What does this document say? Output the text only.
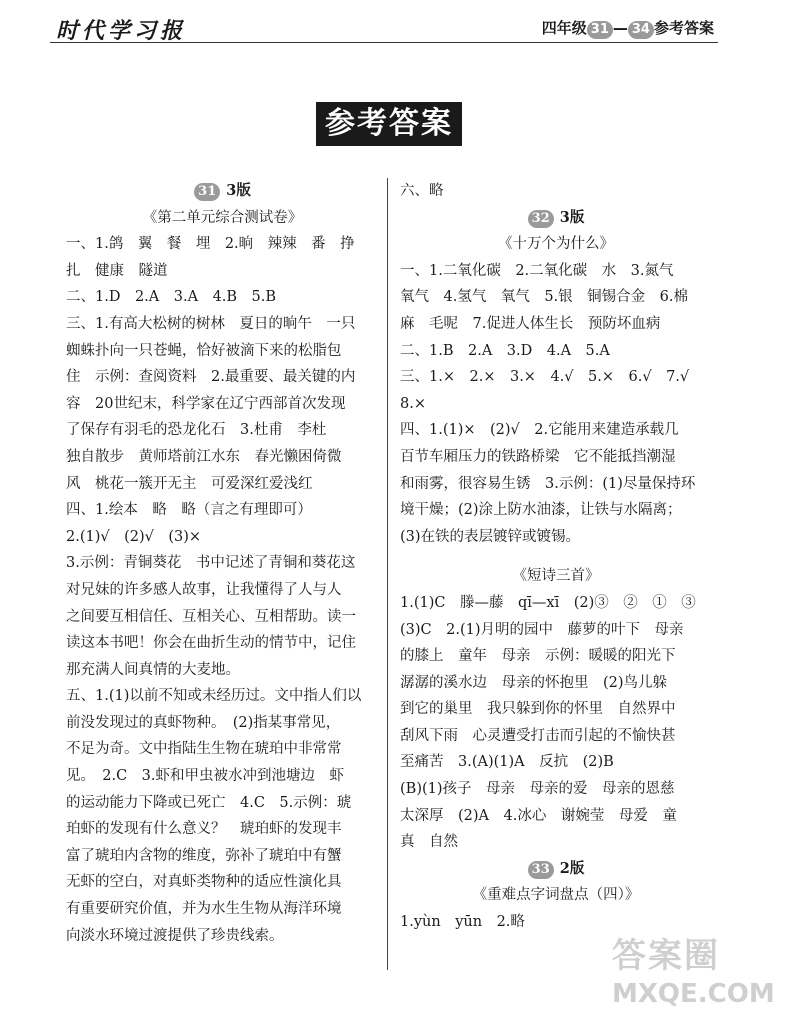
时代学习报	四年级 31 — 34 参考答案
参考答案
31 3版
《第二单元综合测试卷》
一、1.鸽　翼　餐　埋　2.晌　辣辣　番　挣
扎　健康　隧道
二、1.D　2.A　3.A　4.B　5.B
三、1.有高大松树的树林　夏日的晌午　一只
蜘蛛扑向一只苍蝇，恰好被滴下来的松脂包
住　示例：查阅资料　2.最重要、最关键的内
容　20世纪末，科学家在辽宁西部首次发现
了保存有羽毛的恐龙化石　3.杜甫　李杜
独自散步　黄师塔前江水东　春光懒困倚微
风　桃花一簇开无主　可爱深红爱浅红
四、1.绘本　略　略（言之有理即可）
2.(1)√　(2)√　(3)×
3.示例：青铜葵花　书中记述了青铜和葵花这
对兄妹的许多感人故事，让我懂得了人与人
之间要互相信任、互相关心、互相帮助。读一
读这本书吧！你会在曲折生动的情节中，记住
那充满人间真情的大麦地。
五、1.(1)以前不知或未经历过。文中指人们以
前没发现过的真虾物种。　(2)指某事常见，
不足为奇。文中指陆生生物在琥珀中非常常
见。　2.C　3.虾和甲虫被水冲到池塘边　虾
的运动能力下降或已死亡　4.C　5.示例：琥
珀虾的发现有什么意义？　琥珀虾的发现丰
富了琥珀内含物的维度，弥补了琥珀中有蟹
无虾的空白，对真虾类物种的适应性演化具
有重要研究价值，并为水生生物从海洋环境
向淡水环境过渡提供了珍贵线索。
六、略
32 3版
《十万个为什么》
一、1.二氧化碳　2.二氧化碳　水　3.氮气
氧气　4.氢气　氧气　5.银　铜锡合金　6.棉
麻　毛呢　7.促进人体生长　预防坏血病
二、1.B　2.A　3.D　4.A　5.A
三、1.×　2.×　3.×　4.√　5.×　6.√　7.√
8.×
四、1.(1)×　(2)√　2.它能用来建造承载几
百节车厢压力的铁路桥梁　它不能抵挡潮湿
和雨雾，很容易生锈　3.示例：(1)尽量保持环
境干燥；(2)涂上防水油漆，让铁与水隔离；
(3)在铁的表层镀锌或镀锡。
《短诗三首》
1.(1)C　滕—藤　qī—xī　(2)③　②　①　③
(3)C　2.(1)月明的园中　藤萝的叶下　母亲
的膝上　童年　母亲　示例：暖暖的阳光下
潺潺的溪水边　母亲的怀抱里　(2)鸟儿躲
到它的巢里　我只躲到你的怀里　自然界中
刮风下雨　心灵遭受打击而引起的不愉快甚
至痛苦　3.(A)(1)A　反抗　(2)B
(B)(1)孩子　母亲　母亲的爱　母亲的恩慈
太深厚　(2)A　4.冰心　谢婉莹　母爱　童
真　自然
33 2版
《重难点字词盘点（四）》
1.yùn　yūn　2.略
答案圈
MXQE.COM
